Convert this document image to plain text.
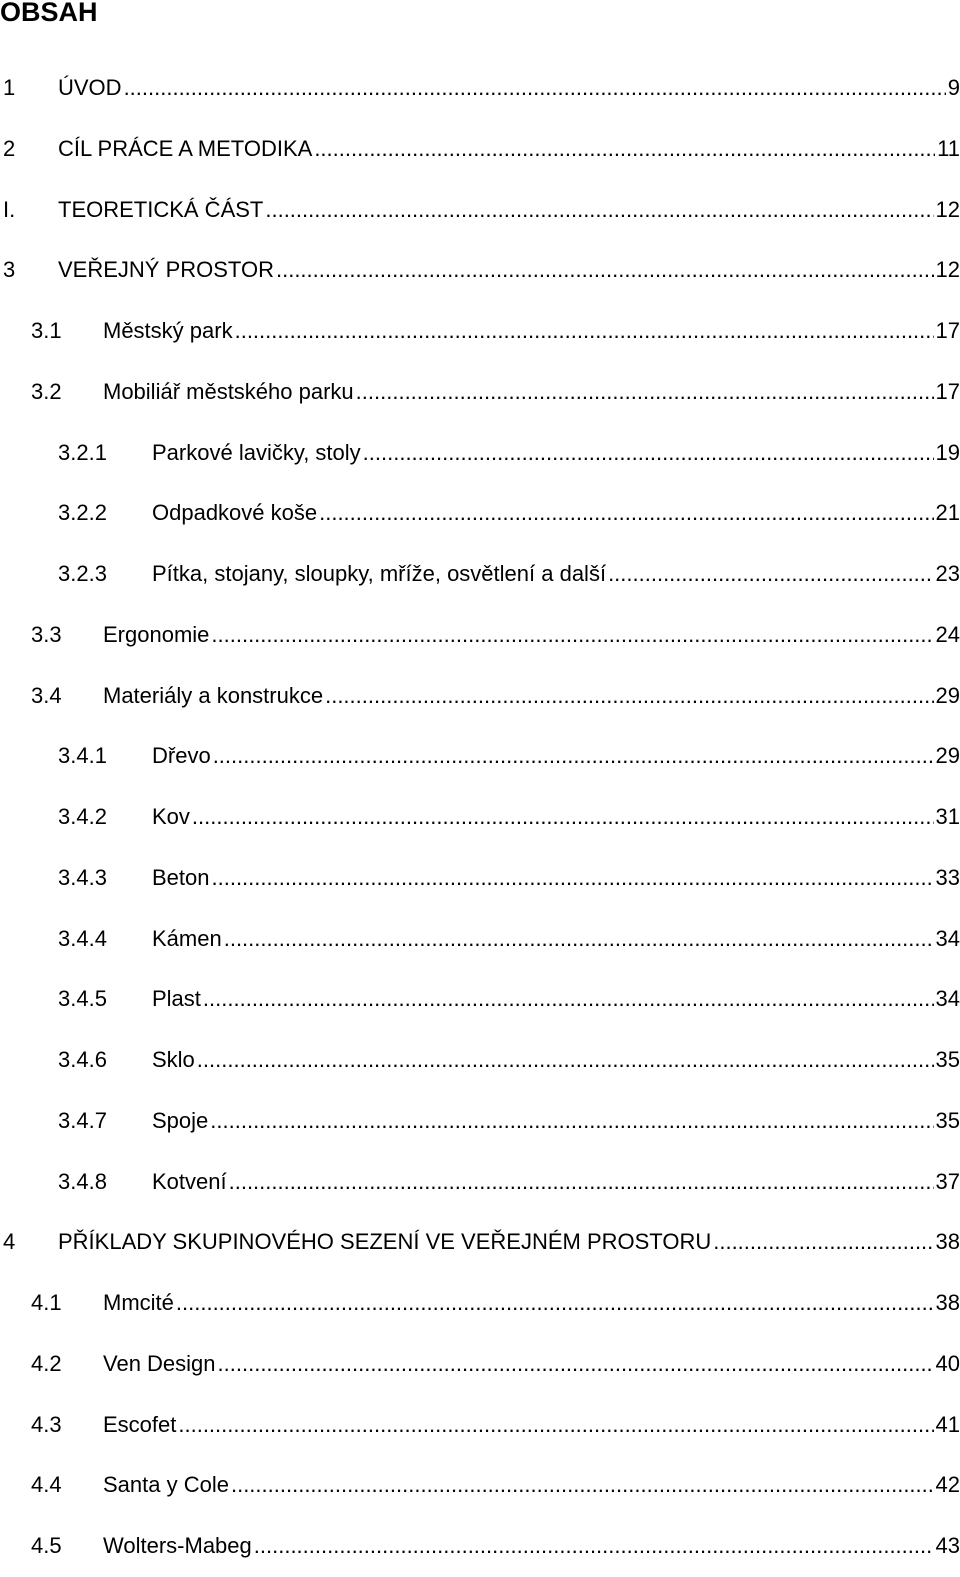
OBSAH
1 ÚVOD .....	9
2 CÍL PRÁCE A METODIKA .....	11
I. TEORETICKÁ ČÁST .....	12
3 VEŘEJNÝ PROSTOR .....	12
3.1 Městský park .....	17
3.2 Mobiliář městského parku .....	17
3.2.1 Parkové lavičky, stoly .....	19
3.2.2 Odpadkové koše .....	21
3.2.3 Pítka, stojany, sloupky, mříže, osvětlení a další .....	23
3.3 Ergonomie .....	24
3.4 Materiály a konstrukce .....	29
3.4.1 Dřevo .....	29
3.4.2 Kov .....	31
3.4.3 Beton .....	33
3.4.4 Kámen .....	34
3.4.5 Plast .....	34
3.4.6 Sklo .....	35
3.4.7 Spoje .....	35
3.4.8 Kotvení .....	37
4 PŘÍKLADY SKUPINOVÉHO SEZENÍ VE VEŘEJNÉM PROSTORU .....	38
4.1 Mmcité .....	38
4.2 Ven Design .....	40
4.3 Escofet .....	41
4.4 Santa y Cole .....	42
4.5 Wolters-Mabeg .....	43
